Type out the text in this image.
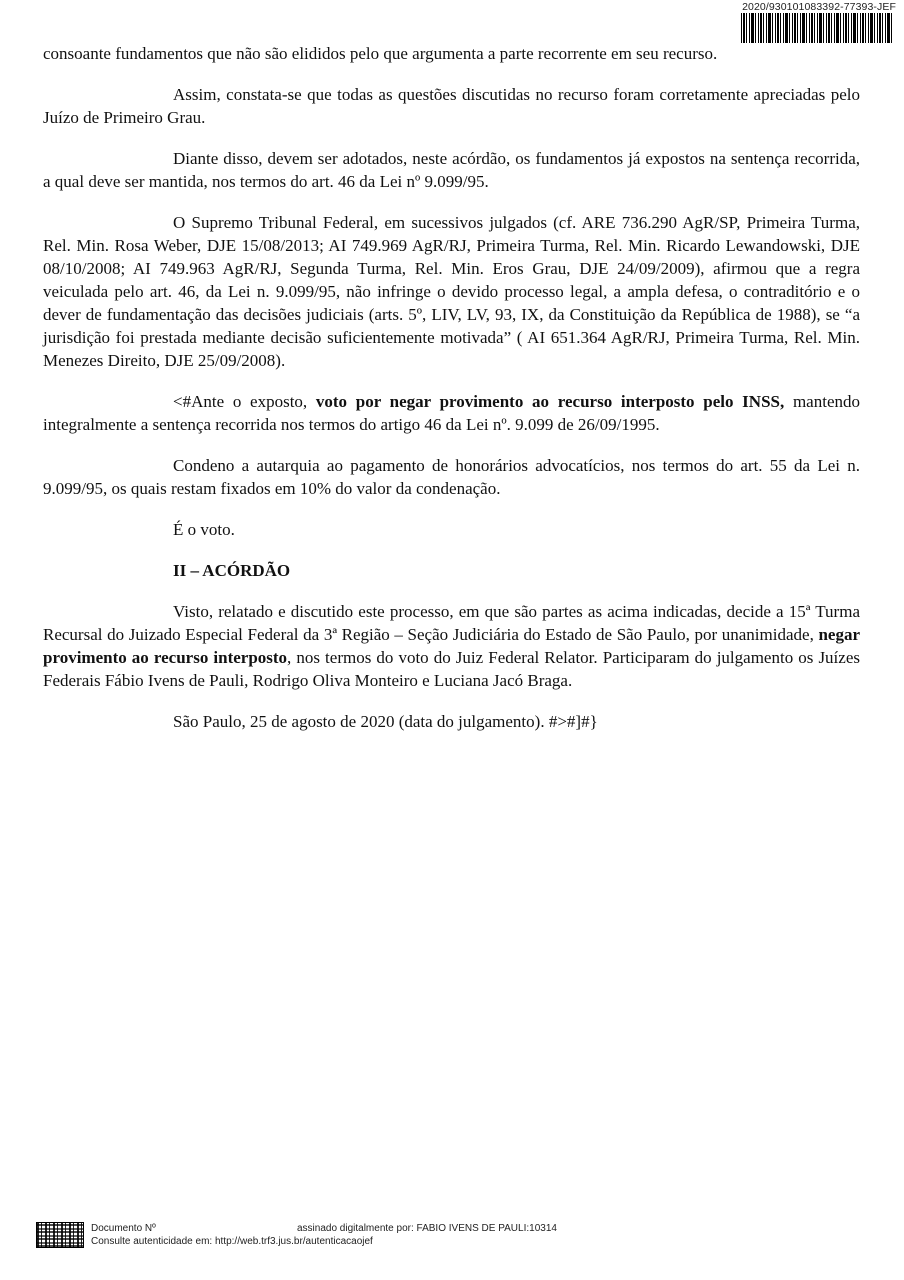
2020/930101083392-77393-JEF

consoante fundamentos que não são elididos pelo que argumenta a parte recorrente em seu recurso.

Assim, constata-se que todas as questões discutidas no recurso foram corretamente apreciadas pelo Juízo de Primeiro Grau.

Diante disso, devem ser adotados, neste acórdão, os fundamentos já expostos na sentença recorrida, a qual deve ser mantida, nos termos do art. 46 da Lei nº 9.099/95.

O Supremo Tribunal Federal, em sucessivos julgados (cf. ARE 736.290 AgR/SP, Primeira Turma, Rel. Min. Rosa Weber, DJE 15/08/2013; AI 749.969 AgR/RJ, Primeira Turma, Rel. Min. Ricardo Lewandowski, DJE 08/10/2008; AI 749.963 AgR/RJ, Segunda Turma, Rel. Min. Eros Grau, DJE 24/09/2009), afirmou que a regra veiculada pelo art. 46, da Lei n. 9.099/95, não infringe o devido processo legal, a ampla defesa, o contraditório e o dever de fundamentação das decisões judiciais (arts. 5º, LIV, LV, 93, IX, da Constituição da República de 1988), se “a jurisdição foi prestada mediante decisão suficientemente motivada” ( AI 651.364 AgR/RJ, Primeira Turma, Rel. Min. Menezes Direito, DJE 25/09/2008).

<#Ante o exposto, voto por negar provimento ao recurso interposto pelo INSS, mantendo integralmente a sentença recorrida nos termos do artigo 46 da Lei nº. 9.099 de 26/09/1995.

Condeno a autarquia ao pagamento de honorários advocatícios, nos termos do art. 55 da Lei n. 9.099/95, os quais restam fixados em 10% do valor da condenação.

É o voto.

II – ACÓRDÃO

Visto, relatado e discutido este processo, em que são partes as acima indicadas, decide a 15ª Turma Recursal do Juizado Especial Federal da 3ª Região – Seção Judiciária do Estado de São Paulo, por unanimidade, negar provimento ao recurso interposto, nos termos do voto do Juiz Federal Relator. Participaram do julgamento os Juízes Federais Fábio Ivens de Pauli, Rodrigo Oliva Monteiro e Luciana Jacó Braga.

São Paulo, 25 de agosto de 2020 (data do julgamento). #>#]#}

Documento Nº	assinado digitalmente por: FABIO IVENS DE PAULI:10314
Consulte autenticidade em: http://web.trf3.jus.br/autenticacaojef
